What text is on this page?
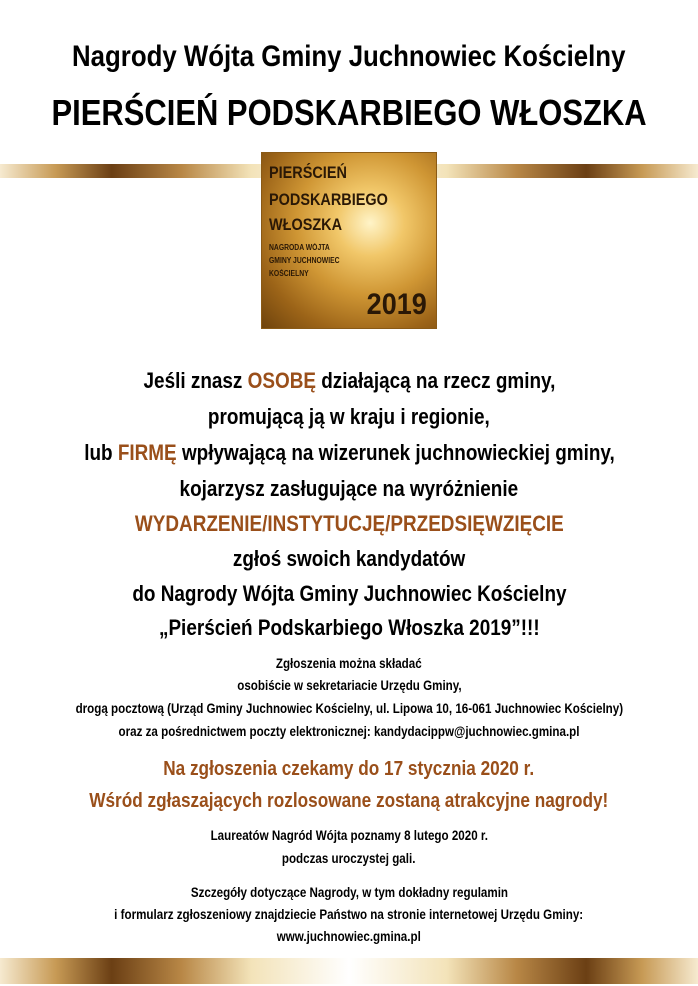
Nagrody Wójta Gminy Juchnowiec Kościelny
PIERŚCIEŃ PODSKARBIEGO WŁOSZKA
PIERŚCIEŃ
PODSKARBIEGO
WŁOSZKA
NAGRODA WÓJTA
GMINY JUCHNOWIEC
KOŚCIELNY
2019
Jeśli znasz OSOBĘ działającą na rzecz gminy,
promującą ją w kraju i regionie,
lub FIRMĘ wpływającą na wizerunek juchnowieckiej gminy,
kojarzysz zasługujące na wyróżnienie
WYDARZENIE/INSTYTUCJĘ/PRZEDSIĘWZIĘCIE
zgłoś swoich kandydatów
do Nagrody Wójta Gminy Juchnowiec Kościelny
„Pierścień Podskarbiego Włoszka 2019”!!!
Zgłoszenia można składać
osobiście w sekretariacie Urzędu Gminy,
drogą pocztową (Urząd Gminy Juchnowiec Kościelny, ul. Lipowa 10, 16-061 Juchnowiec Kościelny)
oraz za pośrednictwem poczty elektronicznej: kandydacippw@juchnowiec.gmina.pl
Na zgłoszenia czekamy do 17 stycznia 2020 r.
Wśród zgłaszających rozlosowane zostaną atrakcyjne nagrody!
Laureatów Nagród Wójta poznamy 8 lutego 2020 r.
podczas uroczystej gali.
Szczegóły dotyczące Nagrody, w tym dokładny regulamin
i formularz zgłoszeniowy znajdziecie Państwo na stronie internetowej Urzędu Gminy:
www.juchnowiec.gmina.pl
